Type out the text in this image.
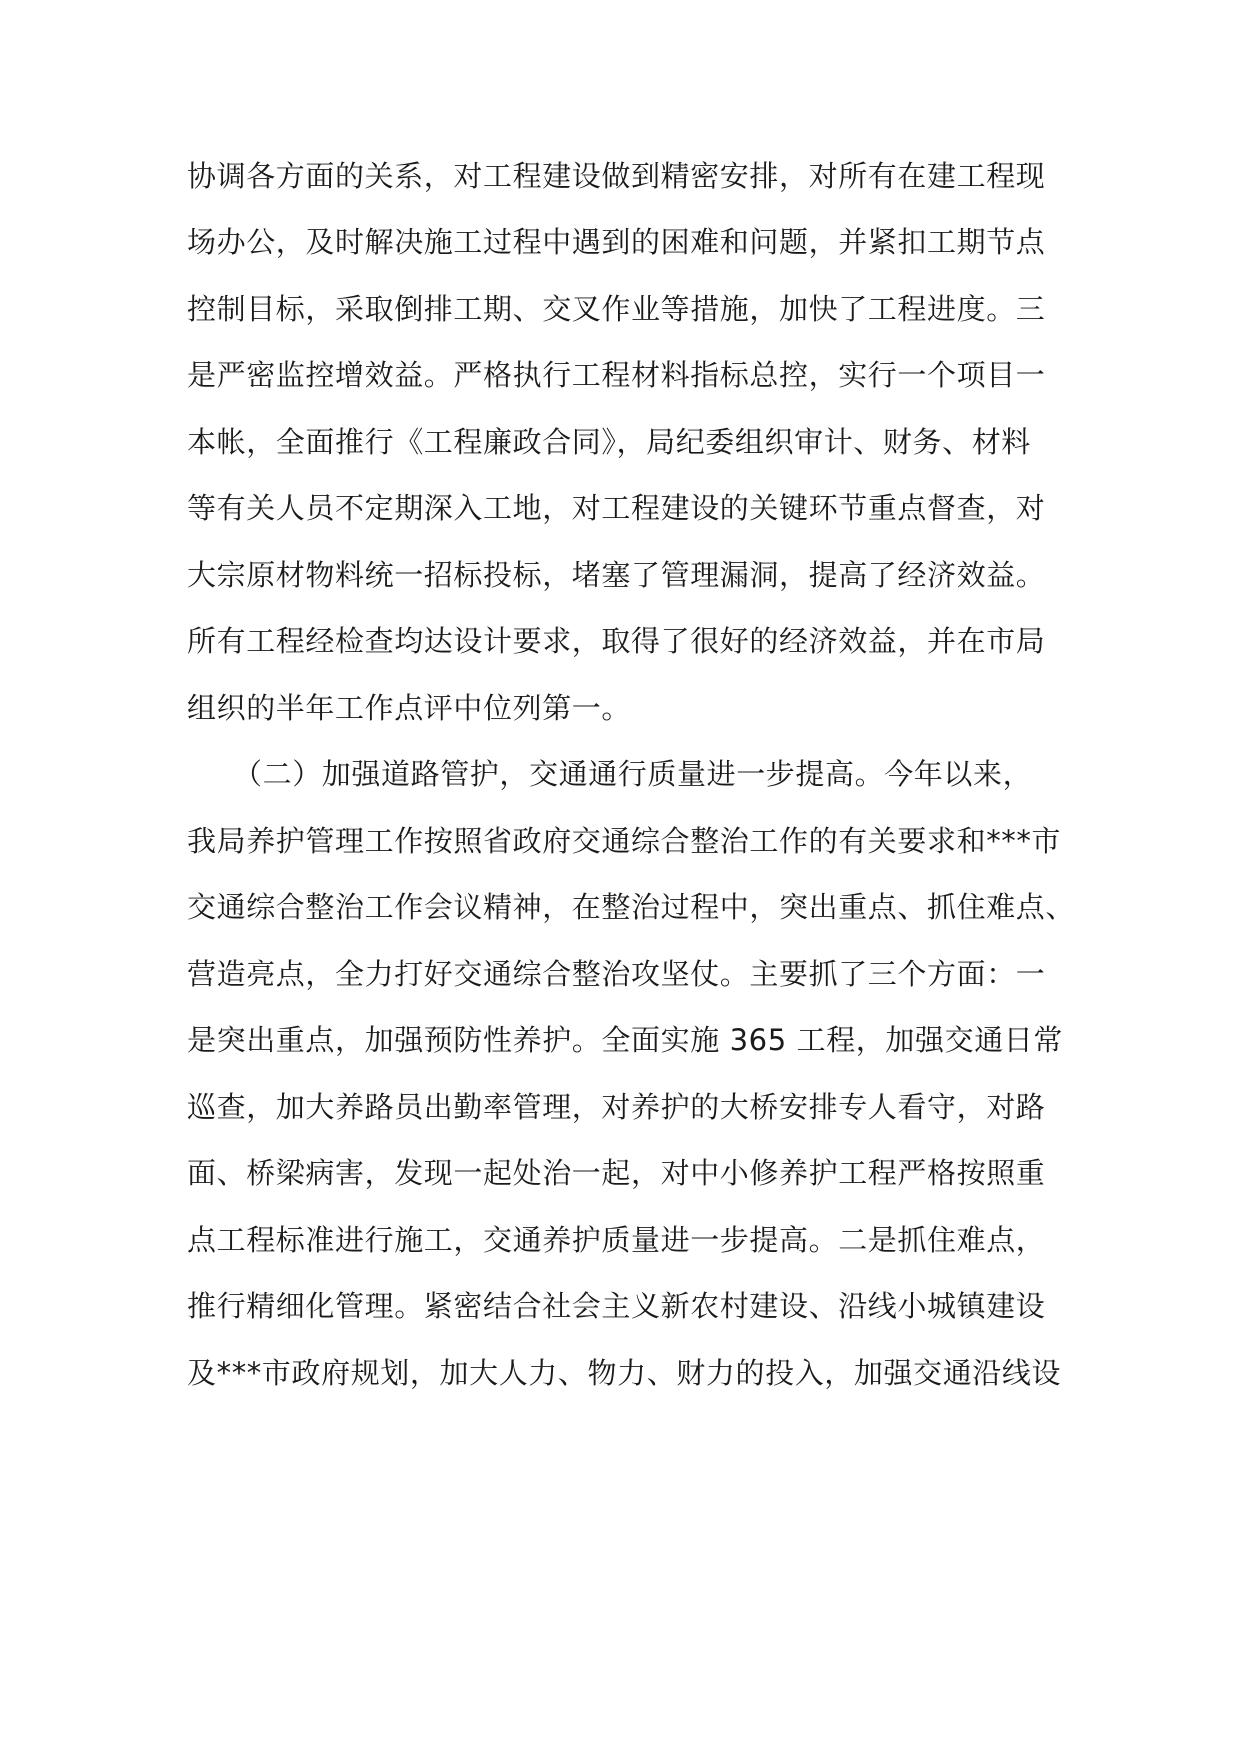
协调各方面的关系，对工程建设做到精密安排，对所有在建工程现
场办公，及时解决施工过程中遇到的困难和问题，并紧扣工期节点
控制目标，采取倒排工期、交叉作业等措施，加快了工程进度。三
是严密监控增效益。严格执行工程材料指标总控，实行一个项目一
本帐，全面推行《工程廉政合同》，局纪委组织审计、财务、材料
等有关人员不定期深入工地，对工程建设的关键环节重点督查，对
大宗原材物料统一招标投标，堵塞了管理漏洞，提高了经济效益。
所有工程经检查均达设计要求，取得了很好的经济效益，并在市局
组织的半年工作点评中位列第一。
（二）加强道路管护，交通通行质量进一步提高。今年以来，
我局养护管理工作按照省政府交通综合整治工作的有关要求和***市
交通综合整治工作会议精神，在整治过程中，突出重点、抓住难点、
营造亮点，全力打好交通综合整治攻坚仗。主要抓了三个方面：一
是突出重点，加强预防性养护。全面实施 365 工程，加强交通日常
巡查，加大养路员出勤率管理，对养护的大桥安排专人看守，对路
面、桥梁病害，发现一起处治一起，对中小修养护工程严格按照重
点工程标准进行施工，交通养护质量进一步提高。二是抓住难点，
推行精细化管理。紧密结合社会主义新农村建设、沿线小城镇建设
及***市政府规划，加大人力、物力、财力的投入，加强交通沿线设
